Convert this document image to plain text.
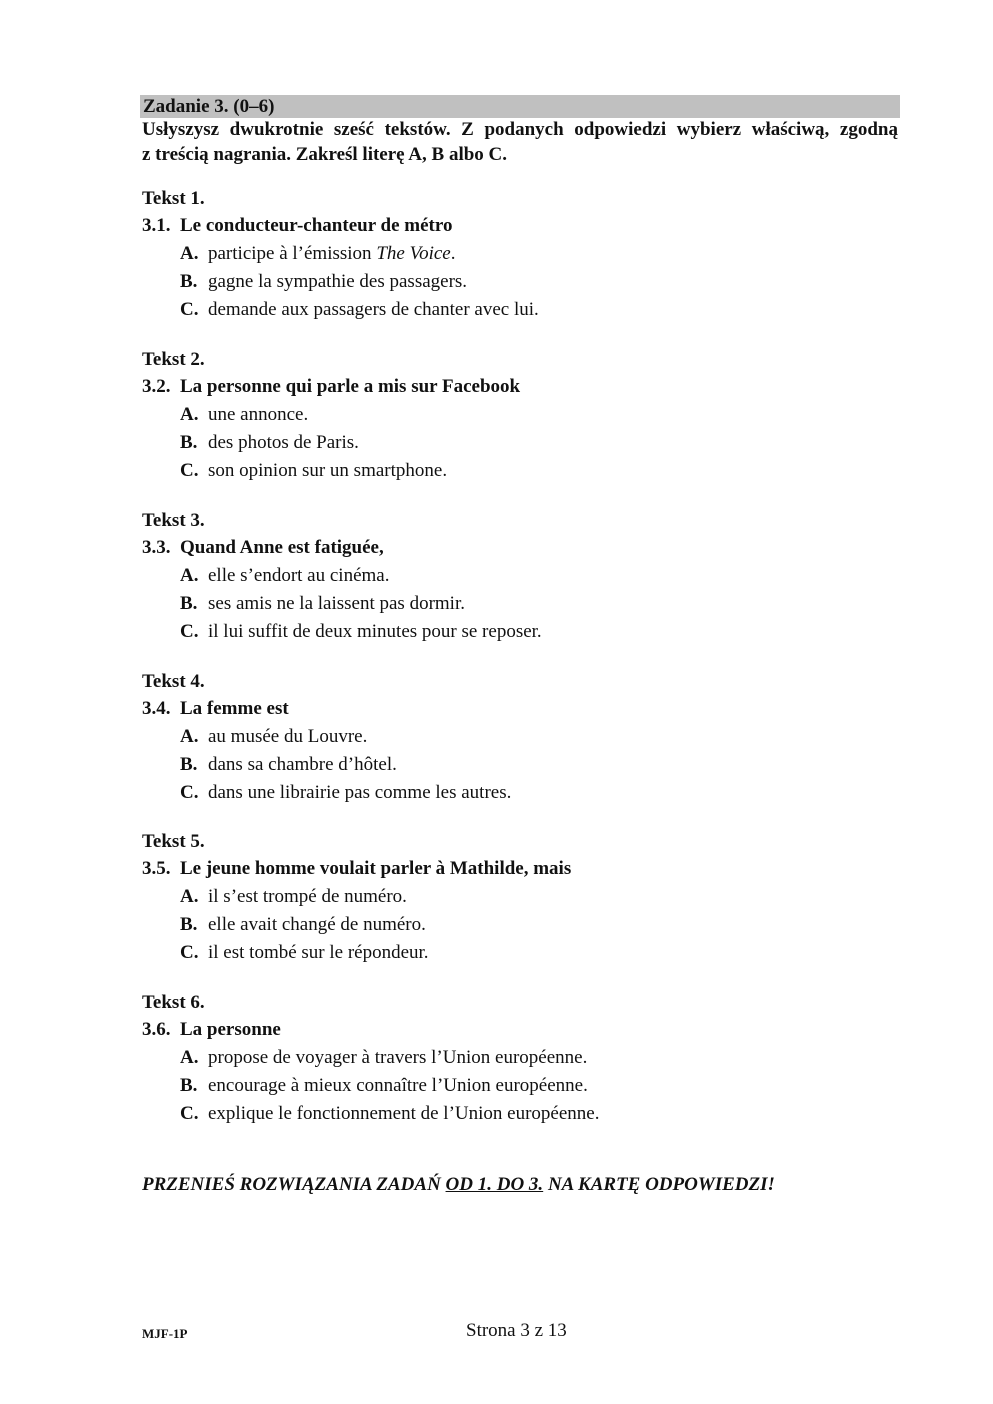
Zadanie 3. (0–6)
Usłyszysz dwukrotnie sześć tekstów. Z podanych odpowiedzi wybierz właściwą, zgodną
z treścią nagrania. Zakreśl literę A, B albo C.
Tekst 1.
3.1. Le conducteur-chanteur de métro
A. participe à l’émission The Voice.
B. gagne la sympathie des passagers.
C. demande aux passagers de chanter avec lui.
Tekst 2.
3.2. La personne qui parle a mis sur Facebook
A. une annonce.
B. des photos de Paris.
C. son opinion sur un smartphone.
Tekst 3.
3.3. Quand Anne est fatiguée,
A. elle s’endort au cinéma.
B. ses amis ne la laissent pas dormir.
C. il lui suffit de deux minutes pour se reposer.
Tekst 4.
3.4. La femme est
A. au musée du Louvre.
B. dans sa chambre d’hôtel.
C. dans une librairie pas comme les autres.
Tekst 5.
3.5. Le jeune homme voulait parler à Mathilde, mais
A. il s’est trompé de numéro.
B. elle avait changé de numéro.
C. il est tombé sur le répondeur.
Tekst 6.
3.6. La personne
A. propose de voyager à travers l’Union européenne.
B. encourage à mieux connaître l’Union européenne.
C. explique le fonctionnement de l’Union européenne.
PRZENIEŚ ROZWIĄZANIA ZADAŃ OD 1. DO 3. NA KARTĘ ODPOWIEDZI!
MJF-1P	Strona 3 z 13
